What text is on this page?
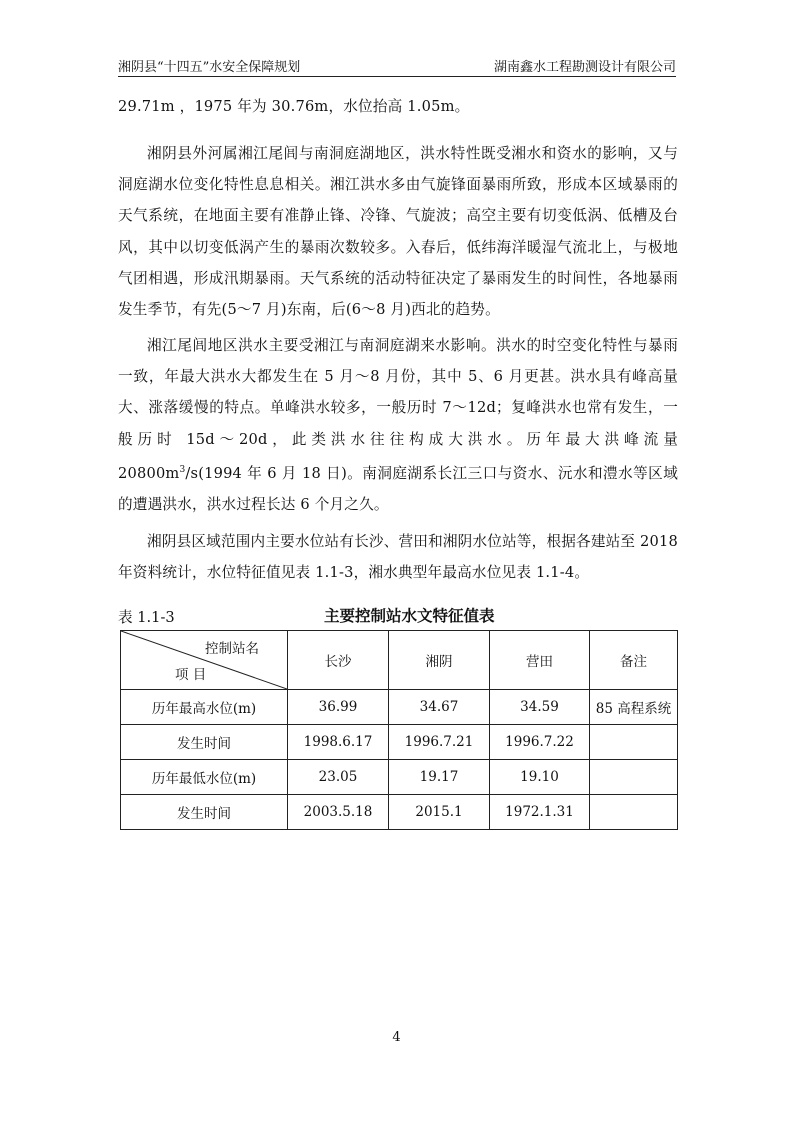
湘阴县“十四五”水安全保障规划	湖南鑫水工程勘测设计有限公司

29.71m ，1975 年为 30.76m，水位抬高 1.05m。

湘阴县外河属湘江尾闾与南洞庭湖地区，洪水特性既受湘水和资水的影响，又与洞庭湖水位变化特性息息相关。湘江洪水多由气旋锋面暴雨所致，形成本区域暴雨的天气系统，在地面主要有准静止锋、冷锋、气旋波；高空主要有切变低涡、低槽及台风，其中以切变低涡产生的暴雨次数较多。入春后，低纬海洋暖湿气流北上，与极地气团相遇，形成汛期暴雨。天气系统的活动特征决定了暴雨发生的时间性，各地暴雨发生季节，有先(5～7 月)东南，后(6～8 月)西北的趋势。

湘江尾闾地区洪水主要受湘江与南洞庭湖来水影响。洪水的时空变化特性与暴雨一致，年最大洪水大都发生在 5 月～8 月份，其中 5、6 月更甚。洪水具有峰高量大、涨落缓慢的特点。单峰洪水较多，一般历时 7～12d；复峰洪水也常有发生，一般历时 15d～20d，此类洪水往往构成大洪水。历年最大洪峰流量 $20800m^3/s(1994$ 年 6 月 18 日)。南洞庭湖系长江三口与资水、沅水和澧水等区域的遭遇洪水，洪水过程长达 6 个月之久。

湘阴县区域范围内主要水位站有长沙、营田和湘阴水位站等，根据各建站至 2018 年资料统计，水位特征值见表 1.1-3，湘水典型年最高水位见表 1.1-4。

表 1.1-3	主要控制站水文特征值表
控制站名
项 目	长沙	湘阴	营田	备注
历年最高水位(m)	36.99	34.67	34.59	85 高程系统
发生时间	1998.6.17	1996.7.21	1996.7.22	
历年最低水位(m)	23.05	19.17	19.10	
发生时间	2003.5.18	2015.1	1972.1.31	
4
